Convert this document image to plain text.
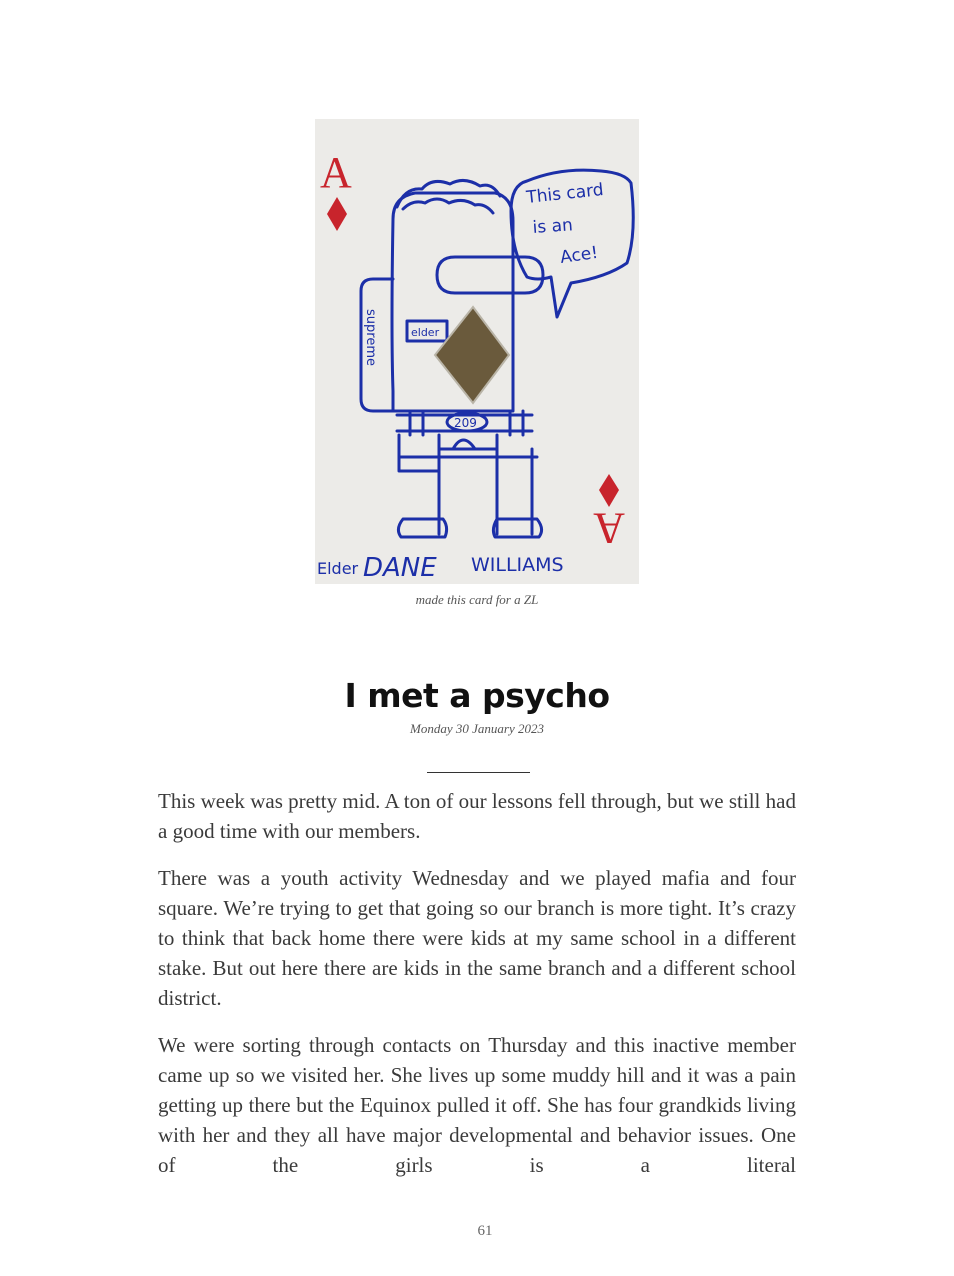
A
A
This card
is an
Ace!
supreme	elder
209
Elder DANE WILLIAMS
made this card for a ZL
I met a psycho
Monday 30 January 2023

This week was pretty mid. A ton of our lessons fell through, but we still had a good time with our members.

There was a youth activity Wednesday and we played mafia and four square. We’re trying to get that going so our branch is more tight. It’s crazy to think that back home there were kids at my same school in a different stake. But out here there are kids in the same branch and a different school district.

We were sorting through contacts on Thursday and this inactive member came up so we visited her. She lives up some muddy hill and it was a pain getting up there but the Equinox pulled it off. She has four grandkids living with her and they all have major developmental and behavior issues. One of the girls is a literal

61
